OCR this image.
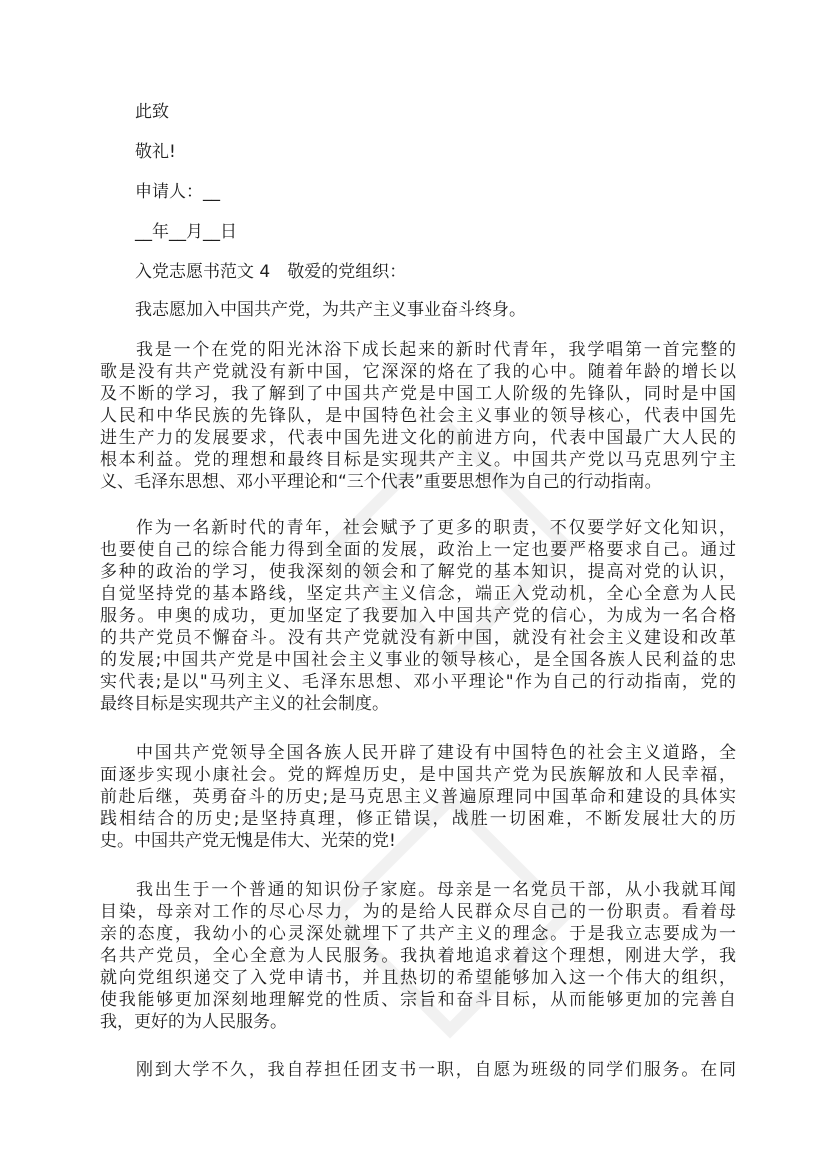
此致
敬礼!
申请人：__
__年__月__日
入党志愿书范文 4　敬爱的党组织：
我志愿加入中国共产党，为共产主义事业奋斗终身。
我是一个在党的阳光沐浴下成长起来的新时代青年，我学唱第一首完整的
歌是没有共产党就没有新中国，它深深的烙在了我的心中。随着年龄的增长以
及不断的学习，我了解到了中国共产党是中国工人阶级的先锋队，同时是中国
人民和中华民族的先锋队，是中国特色社会主义事业的领导核心，代表中国先
进生产力的发展要求，代表中国先进文化的前进方向，代表中国最广大人民的
根本利益。党的理想和最终目标是实现共产主义。中国共产党以马克思列宁主
义、毛泽东思想、邓小平理论和“三个代表”重要思想作为自己的行动指南。
作为一名新时代的青年，社会赋予了更多的职责，不仅要学好文化知识，
也要使自己的综合能力得到全面的发展，政治上一定也要严格要求自己。通过
多种的政治的学习，使我深刻的领会和了解党的基本知识，提高对党的认识，
自觉坚持党的基本路线，坚定共产主义信念，端正入党动机，全心全意为人民
服务。申奥的成功，更加坚定了我要加入中国共产党的信心，为成为一名合格
的共产党员不懈奋斗。没有共产党就没有新中国，就没有社会主义建设和改革
的发展;中国共产党是中国社会主义事业的领导核心，是全国各族人民利益的忠
实代表;是以"马列主义、毛泽东思想、邓小平理论"作为自己的行动指南，党的
最终目标是实现共产主义的社会制度。
中国共产党领导全国各族人民开辟了建设有中国特色的社会主义道路，全
面逐步实现小康社会。党的辉煌历史，是中国共产党为民族解放和人民幸福，
前赴后继，英勇奋斗的历史;是马克思主义普遍原理同中国革命和建设的具体实
践相结合的历史;是坚持真理，修正错误，战胜一切困难，不断发展壮大的历
史。中国共产党无愧是伟大、光荣的党!
我出生于一个普通的知识份子家庭。母亲是一名党员干部，从小我就耳闻
目染，母亲对工作的尽心尽力，为的是给人民群众尽自己的一份职责。看着母
亲的态度，我幼小的心灵深处就埋下了共产主义的理念。于是我立志要成为一
名共产党员，全心全意为人民服务。我执着地追求着这个理想，刚进大学，我
就向党组织递交了入党申请书，并且热切的希望能够加入这一个伟大的组织，
使我能够更加深刻地理解党的性质、宗旨和奋斗目标，从而能够更加的完善自
我，更好的为人民服务。
刚到大学不久，我自荐担任团支书一职，自愿为班级的同学们服务。在同
